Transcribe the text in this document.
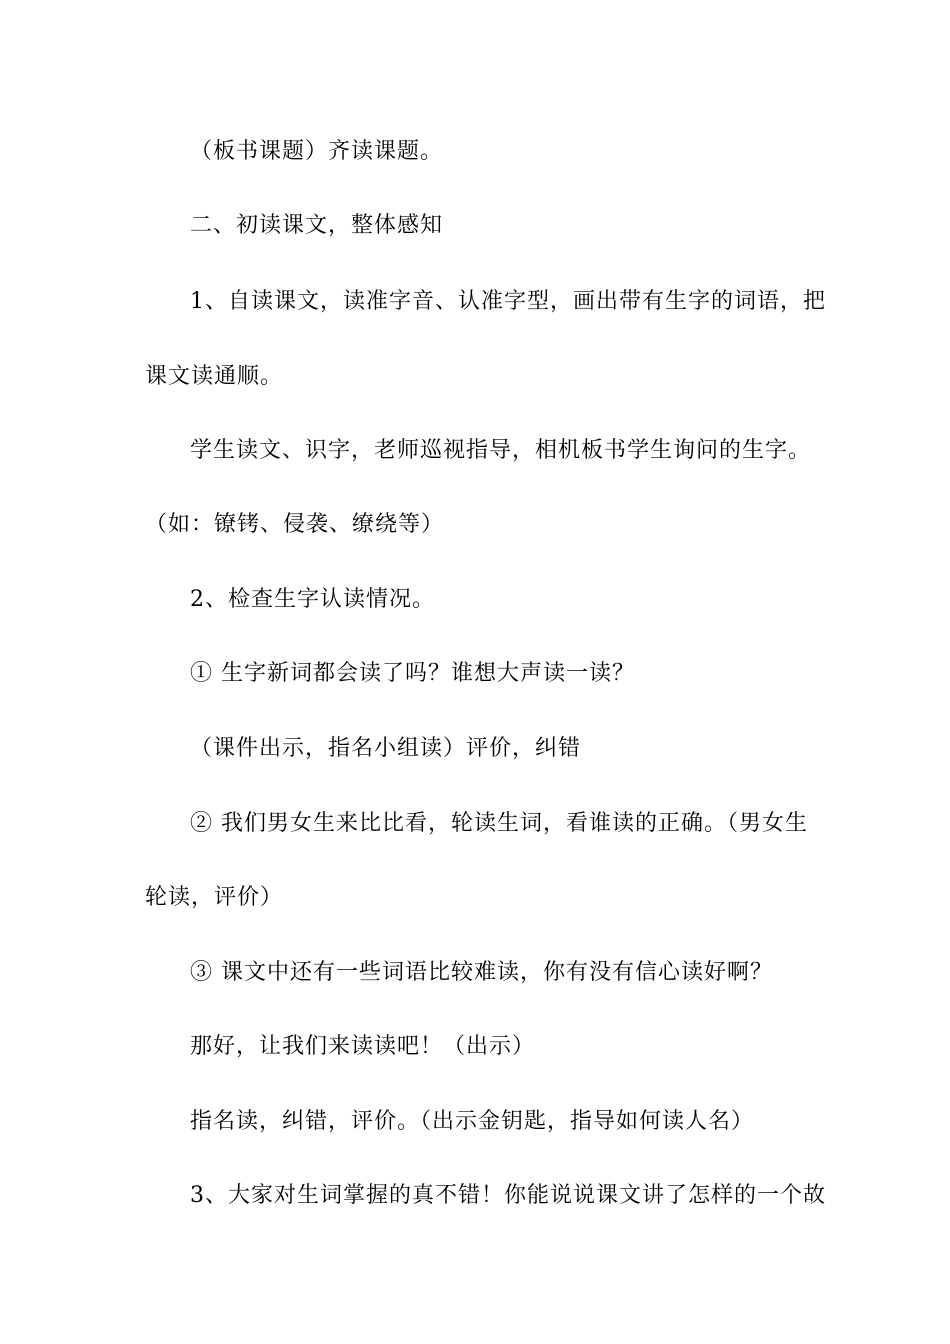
（板书课题）齐读课题。
二、初读课文，整体感知
1、自读课文，读准字音、认准字型，画出带有生字的词语，把
课文读通顺。
学生读文、识字，老师巡视指导，相机板书学生询问的生字。
（如：镣铐、侵袭、缭绕等）
2、检查生字认读情况。
① 生字新词都会读了吗？谁想大声读一读？
（课件出示，指名小组读）评价，纠错
② 我们男女生来比比看，轮读生词，看谁读的正确。（男女生
轮读，评价）
③ 课文中还有一些词语比较难读，你有没有信心读好啊？
那好，让我们来读读吧！（出示）
指名读，纠错，评价。（出示金钥匙，指导如何读人名）
3、大家对生词掌握的真不错！你能说说课文讲了怎样的一个故
